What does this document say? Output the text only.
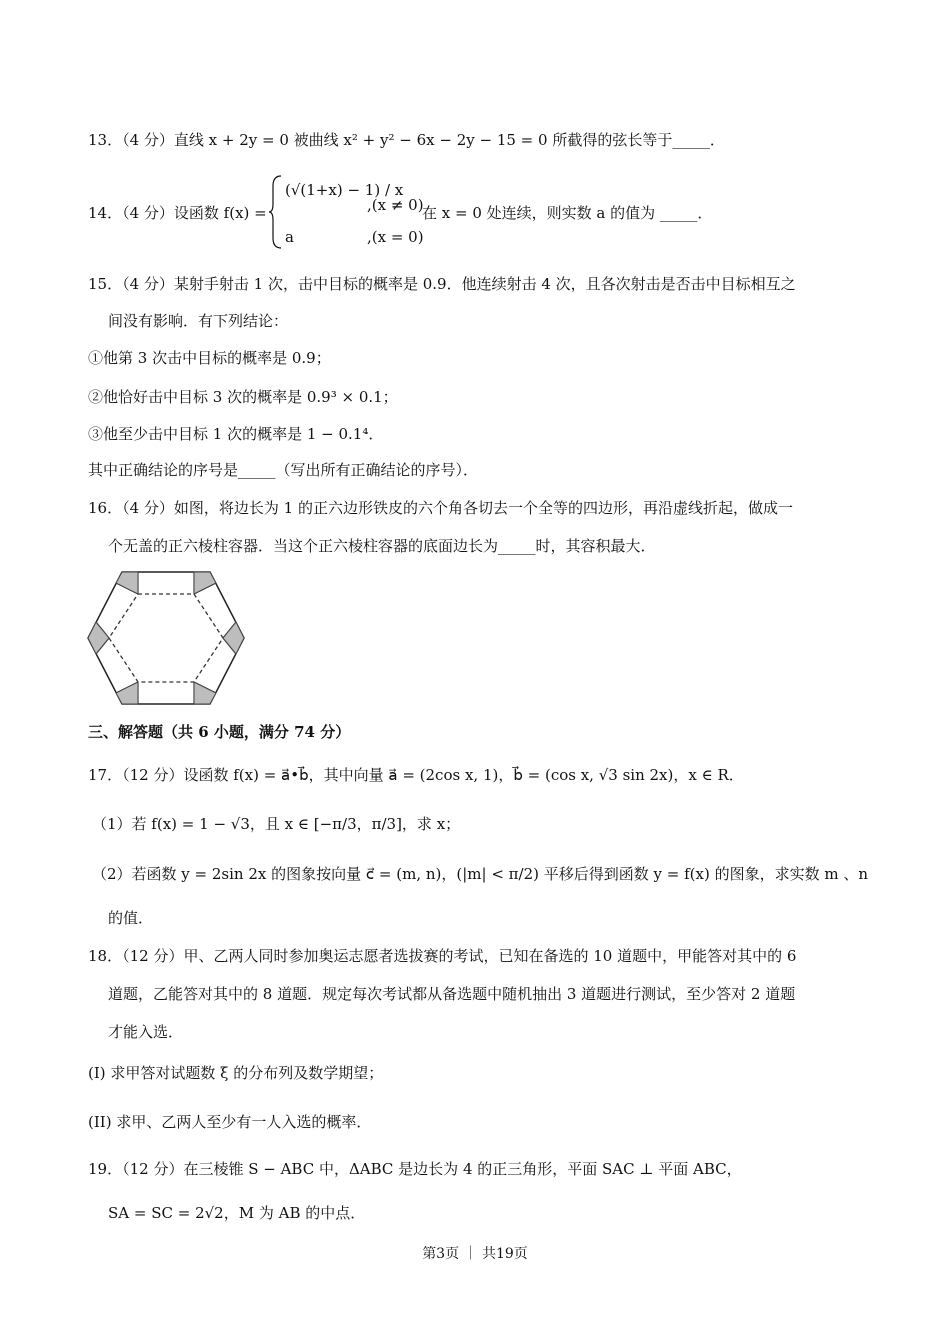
13．（4 分）直线 x + 2y = 0 被曲线 x² + y² − 6x − 2y − 15 = 0 所截得的弦长等于_____．
14．（4 分）设函数 f(x) =
(√(1+x) − 1) / x
,(x ≠ 0)
a	,(x = 0)
在 x = 0 处连续，则实数 a 的值为 _____．
15．（4 分）某射手射击 1 次，击中目标的概率是 0.9．他连续射击 4 次，且各次射击是否击中目标相互之
间没有影响．有下列结论：
①他第 3 次击中目标的概率是 0.9；
②他恰好击中目标 3 次的概率是 0.9³ × 0.1；
③他至少击中目标 1 次的概率是 1 − 0.1⁴．
其中正确结论的序号是_____（写出所有正确结论的序号）．
16．（4 分）如图，将边长为 1 的正六边形铁皮的六个角各切去一个全等的四边形，再沿虚线折起，做成一
个无盖的正六棱柱容器．当这个正六棱柱容器的底面边长为_____时，其容积最大．
三、解答题（共 6 小题，满分 74 分）
17．（12 分）设函数 f(x) = a⃗•b⃗，其中向量 a⃗ = (2cos x, 1)，b⃗ = (cos x, √3 sin 2x)，x ∈ R．
（1）若 f(x) = 1 − √3，且 x ∈ [−π/3，π/3]，求 x；
（2）若函数 y = 2sin 2x 的图象按向量 c⃗ = (m, n)，(|m| < π/2) 平移后得到函数 y = f(x) 的图象，求实数 m 、n
的值．
18．（12 分）甲、乙两人同时参加奥运志愿者选拔赛的考试，已知在备选的 10 道题中，甲能答对其中的 6
道题，乙能答对其中的 8 道题．规定每次考试都从备选题中随机抽出 3 道题进行测试，至少答对 2 道题
才能入选．
(I) 求甲答对试题数 ξ 的分布列及数学期望；
(II) 求甲、乙两人至少有一人入选的概率．
19．（12 分）在三棱锥 S − ABC 中，ΔABC 是边长为 4 的正三角形，平面 SAC ⊥ 平面 ABC，
SA = SC = 2√2，M 为 AB 的中点．
第3页 ｜ 共19页
